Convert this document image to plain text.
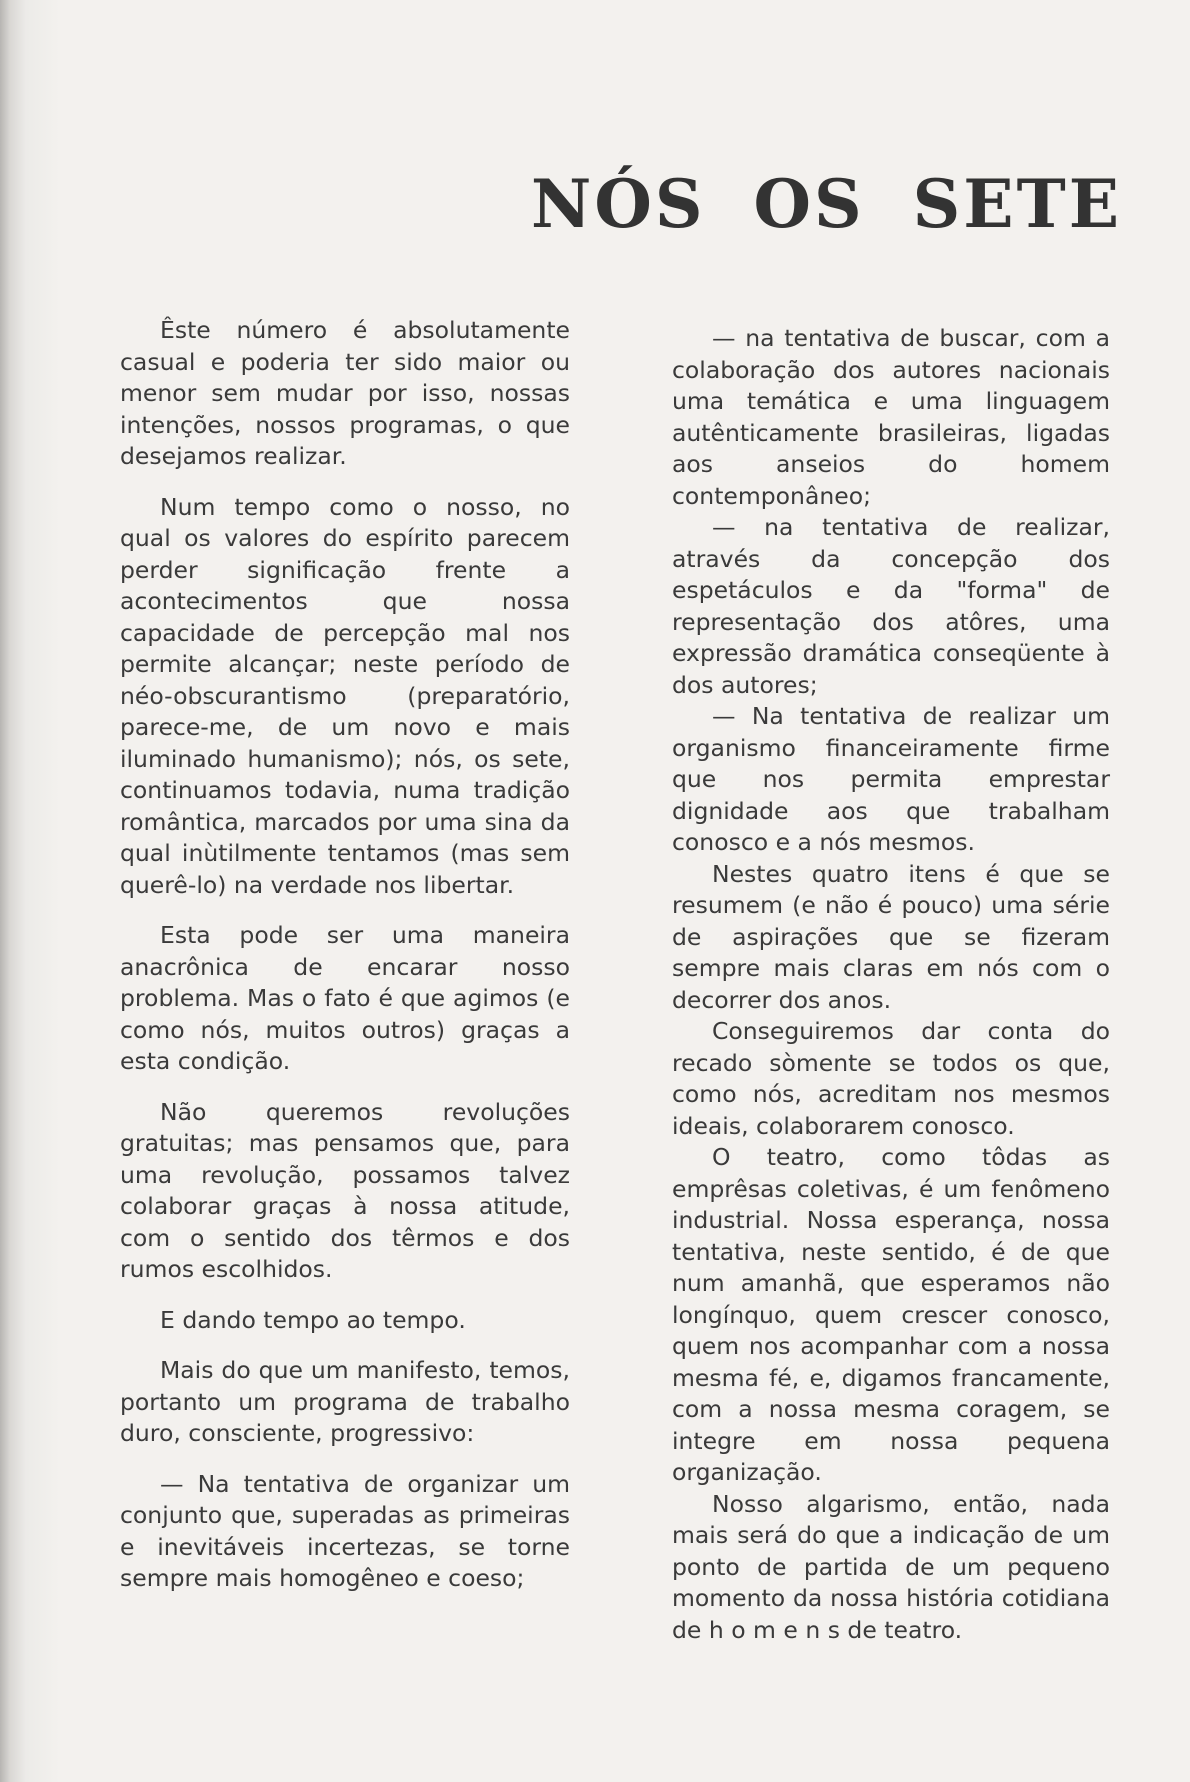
NÓS OS SETE

Êste número é absolutamente casual e poderia ter sido maior ou menor sem mudar por isso, nossas intenções, nossos programas, o que desejamos realizar.

Num tempo como o nosso, no qual os valores do espírito parecem perder significação frente a acontecimentos que nossa capacidade de percepção mal nos permite alcançar; neste período de néo-obscurantismo (preparatório, parece-me, de um novo e mais iluminado humanismo); nós, os sete, continuamos todavia, numa tradição romântica, marcados por uma sina da qual inùtilmente tentamos (mas sem querê-lo) na verdade nos libertar.

Esta pode ser uma maneira anacrônica de encarar nosso problema. Mas o fato é que agimos (e como nós, muitos outros) graças a esta condição.

Não queremos revoluções gratuitas; mas pensamos que, para uma revolução, possamos talvez colaborar graças à nossa atitude, com o sentido dos têrmos e dos rumos escolhidos.

E dando tempo ao tempo.

Mais do que um manifesto, temos, portanto um programa de trabalho duro, consciente, progressivo:

— Na tentativa de organizar um conjunto que, superadas as primeiras e inevitáveis incertezas, se torne sempre mais homogêneo e coeso;

— na tentativa de buscar, com a colaboração dos autores nacionais uma temática e uma linguagem autênticamente brasileiras, ligadas aos anseios do homem contemponâneo;

— na tentativa de realizar, através da concepção dos espetáculos e da "forma" de representação dos atôres, uma expressão dramática conseqüente à dos autores;

— Na tentativa de realizar um organismo financeiramente firme que nos permita emprestar dignidade aos que trabalham conosco e a nós mesmos.

Nestes quatro itens é que se resumem (e não é pouco) uma série de aspirações que se fizeram sempre mais claras em nós com o decorrer dos anos.

Conseguiremos dar conta do recado sòmente se todos os que, como nós, acreditam nos mesmos ideais, colaborarem conosco.

O teatro, como tôdas as emprêsas coletivas, é um fenômeno industrial. Nossa esperança, nossa tentativa, neste sentido, é de que num amanhã, que esperamos não longínquo, quem crescer conosco, quem nos acompanhar com a nossa mesma fé, e, digamos francamente, com a nossa mesma coragem, se integre em nossa pequena organização.

Nosso algarismo, então, nada mais será do que a indicação de um ponto de partida de um pequeno momento da nossa história cotidiana de h o m e n s de teatro.
